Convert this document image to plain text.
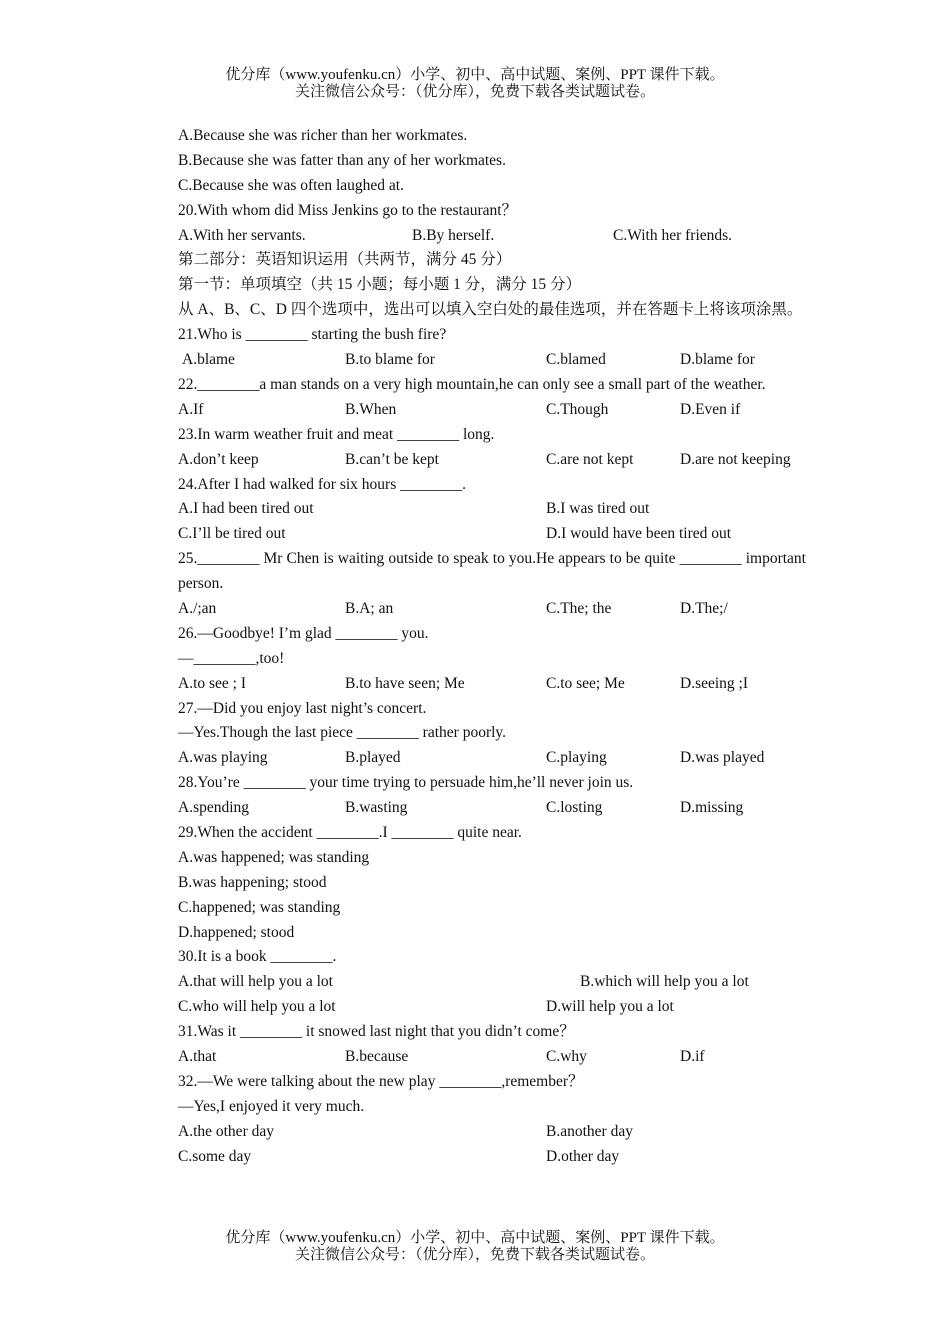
优分库（www.youfenku.cn）小学、初中、高中试题、案例、PPT 课件下载。
关注微信公众号：（优分库），免费下载各类试题试卷。
A.Because she was richer than her workmates.
B.Because she was fatter than any of her workmates.
C.Because she was often laughed at.
20.With whom did Miss Jenkins go to the restaurant？
A.With her servants.	B.By herself.	C.With her friends.
第二部分：英语知识运用（共两节，满分 45 分）
第一节：单项填空（共 15 小题；每小题 1 分，满分 15 分）
从 A、B、C、D 四个选项中，选出可以填入空白处的最佳选项，并在答题卡上将该项涂黑。
21.Who is ________ starting the bush fire?
A.blame	B.to blame for	C.blamed	D.blame for
22.________a man stands on a very high mountain,he can only see a small part of the weather.
A.If	B.When	C.Though	D.Even if
23.In warm weather fruit and meat ________ long.
A.don’t keep	B.can’t be kept	C.are not kept	D.are not keeping
24.After I had walked for six hours ________.
A.I had been tired out	B.I was tired out
C.I’ll be tired out	D.I would have been tired out
25.________ Mr Chen is waiting outside to speak to you.He appears to be quite ________ important person.
A./;an	B.A; an	C.The; the	D.The;/
26.—Goodbye! I’m glad ________ you.
—________,too!
A.to see ; I	B.to have seen; Me	C.to see; Me	D.seeing ;I
27.—Did you enjoy last night’s concert.
—Yes.Though the last piece ________ rather poorly.
A.was playing	B.played	C.playing	D.was played
28.You’re ________ your time trying to persuade him,he’ll never join us.
A.spending	B.wasting	C.losting	D.missing
29.When the accident ________.I ________ quite near.
A.was happened; was standing
B.was happening; stood
C.happened; was standing
D.happened; stood
30.It is a book ________.
A.that will help you a lot	B.which will help you a lot
C.who will help you a lot	D.will help you a lot
31.Was it ________ it snowed last night that you didn’t come？
A.that	B.because	C.why	D.if
32.—We were talking about the new play ________,remember？
—Yes,I enjoyed it very much.
A.the other day	B.another day
C.some day	D.other day
优分库（www.youfenku.cn）小学、初中、高中试题、案例、PPT 课件下载。
关注微信公众号：（优分库），免费下载各类试题试卷。
